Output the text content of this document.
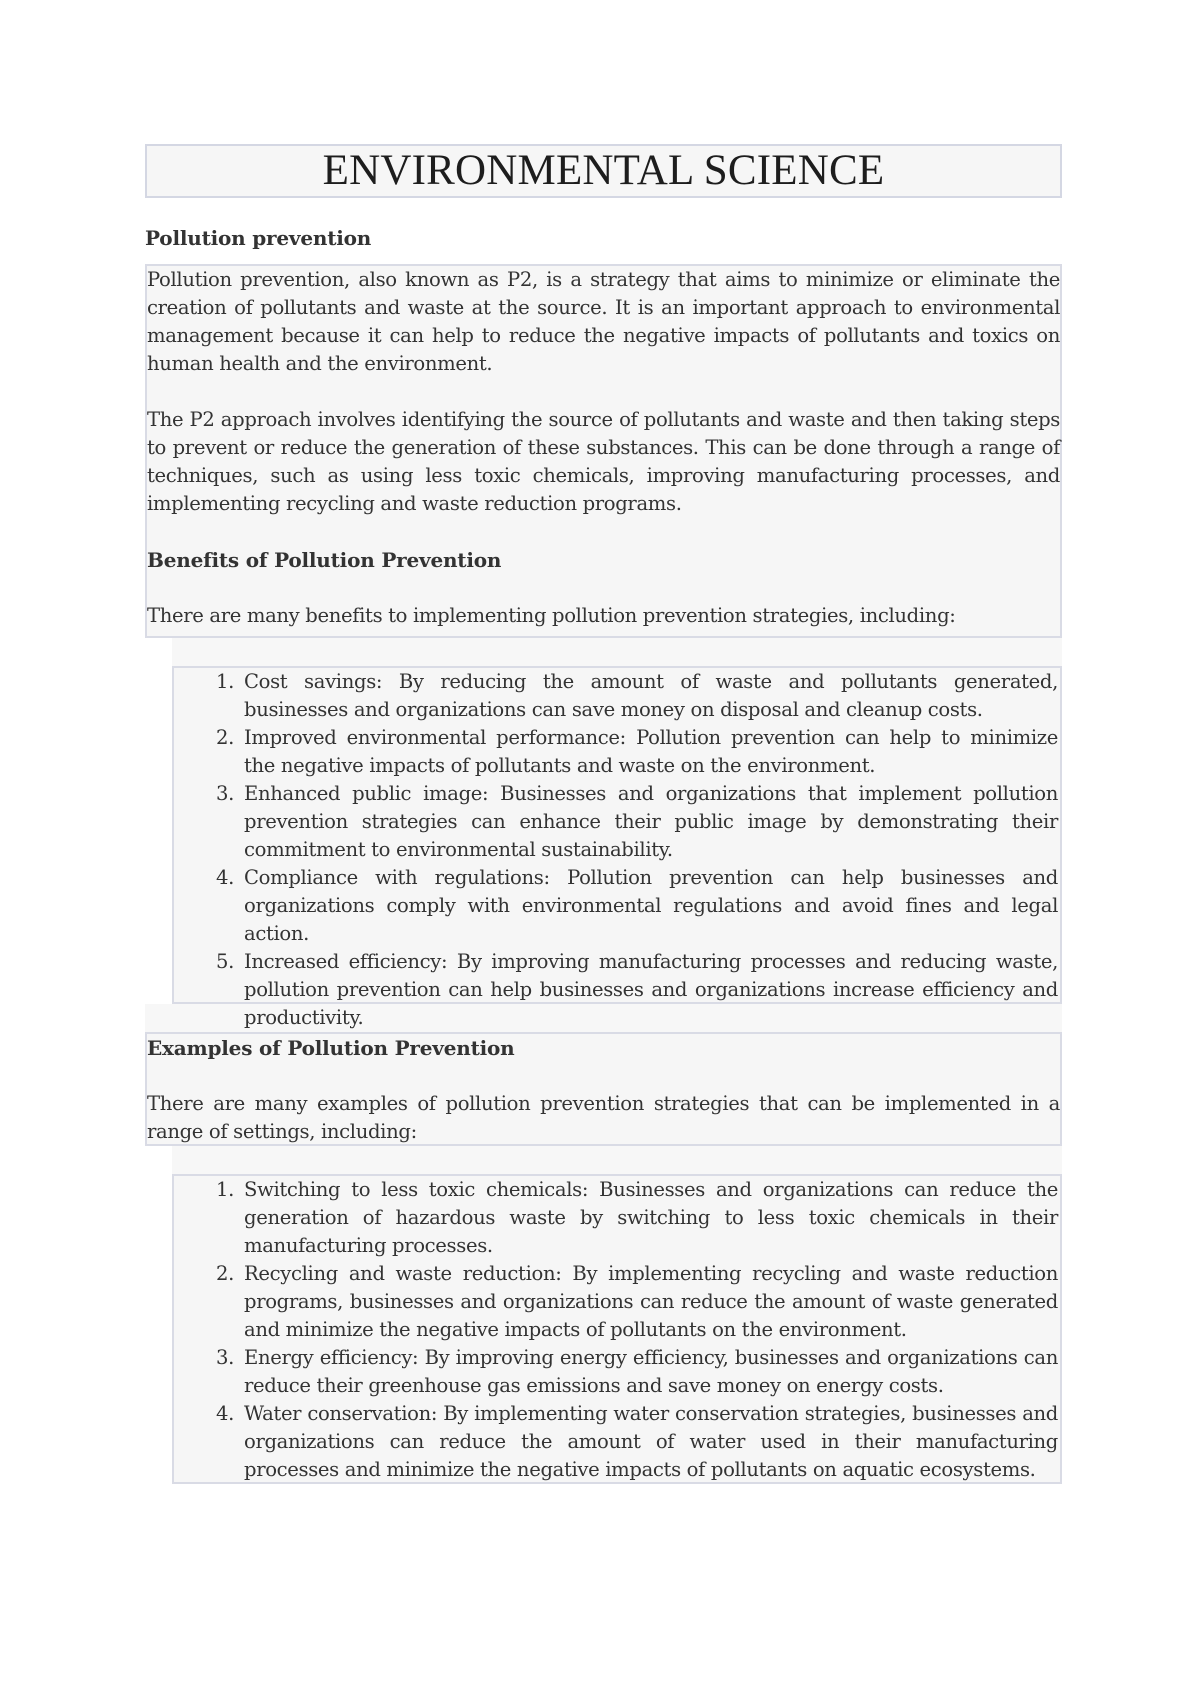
ENVIRONMENTAL SCIENCE
Pollution prevention

Pollution prevention, also known as P2, is a strategy that aims to minimize or eliminate the creation of pollutants and waste at the source. It is an important approach to environmental management because it can help to reduce the negative impacts of pollutants and toxics on human health and the environment.

The P2 approach involves identifying the source of pollutants and waste and then taking steps to prevent or reduce the generation of these substances. This can be done through a range of techniques, such as using less toxic chemicals, improving manufacturing processes, and implementing recycling and waste reduction programs.

Benefits of Pollution Prevention

There are many benefits to implementing pollution prevention strategies, including:

1. Cost savings: By reducing the amount of waste and pollutants generated, businesses and organizations can save money on disposal and cleanup costs.
2. Improved environmental performance: Pollution prevention can help to minimize the negative impacts of pollutants and waste on the environment.
3. Enhanced public image: Businesses and organizations that implement pollution prevention strategies can enhance their public image by demonstrating their commitment to environmental sustainability.
4. Compliance with regulations: Pollution prevention can help businesses and organizations comply with environmental regulations and avoid fines and legal action.
5. Increased efficiency: By improving manufacturing processes and reducing waste, pollution prevention can help businesses and organizations increase efficiency and productivity.
Examples of Pollution Prevention

There are many examples of pollution prevention strategies that can be implemented in a range of settings, including:

1. Switching to less toxic chemicals: Businesses and organizations can reduce the generation of hazardous waste by switching to less toxic chemicals in their manufacturing processes.
2. Recycling and waste reduction: By implementing recycling and waste reduction programs, businesses and organizations can reduce the amount of waste generated and minimize the negative impacts of pollutants on the environment.
3. Energy efficiency: By improving energy efficiency, businesses and organizations can reduce their greenhouse gas emissions and save money on energy costs.
4. Water conservation: By implementing water conservation strategies, businesses and organizations can reduce the amount of water used in their manufacturing processes and minimize the negative impacts of pollutants on aquatic ecosystems.
